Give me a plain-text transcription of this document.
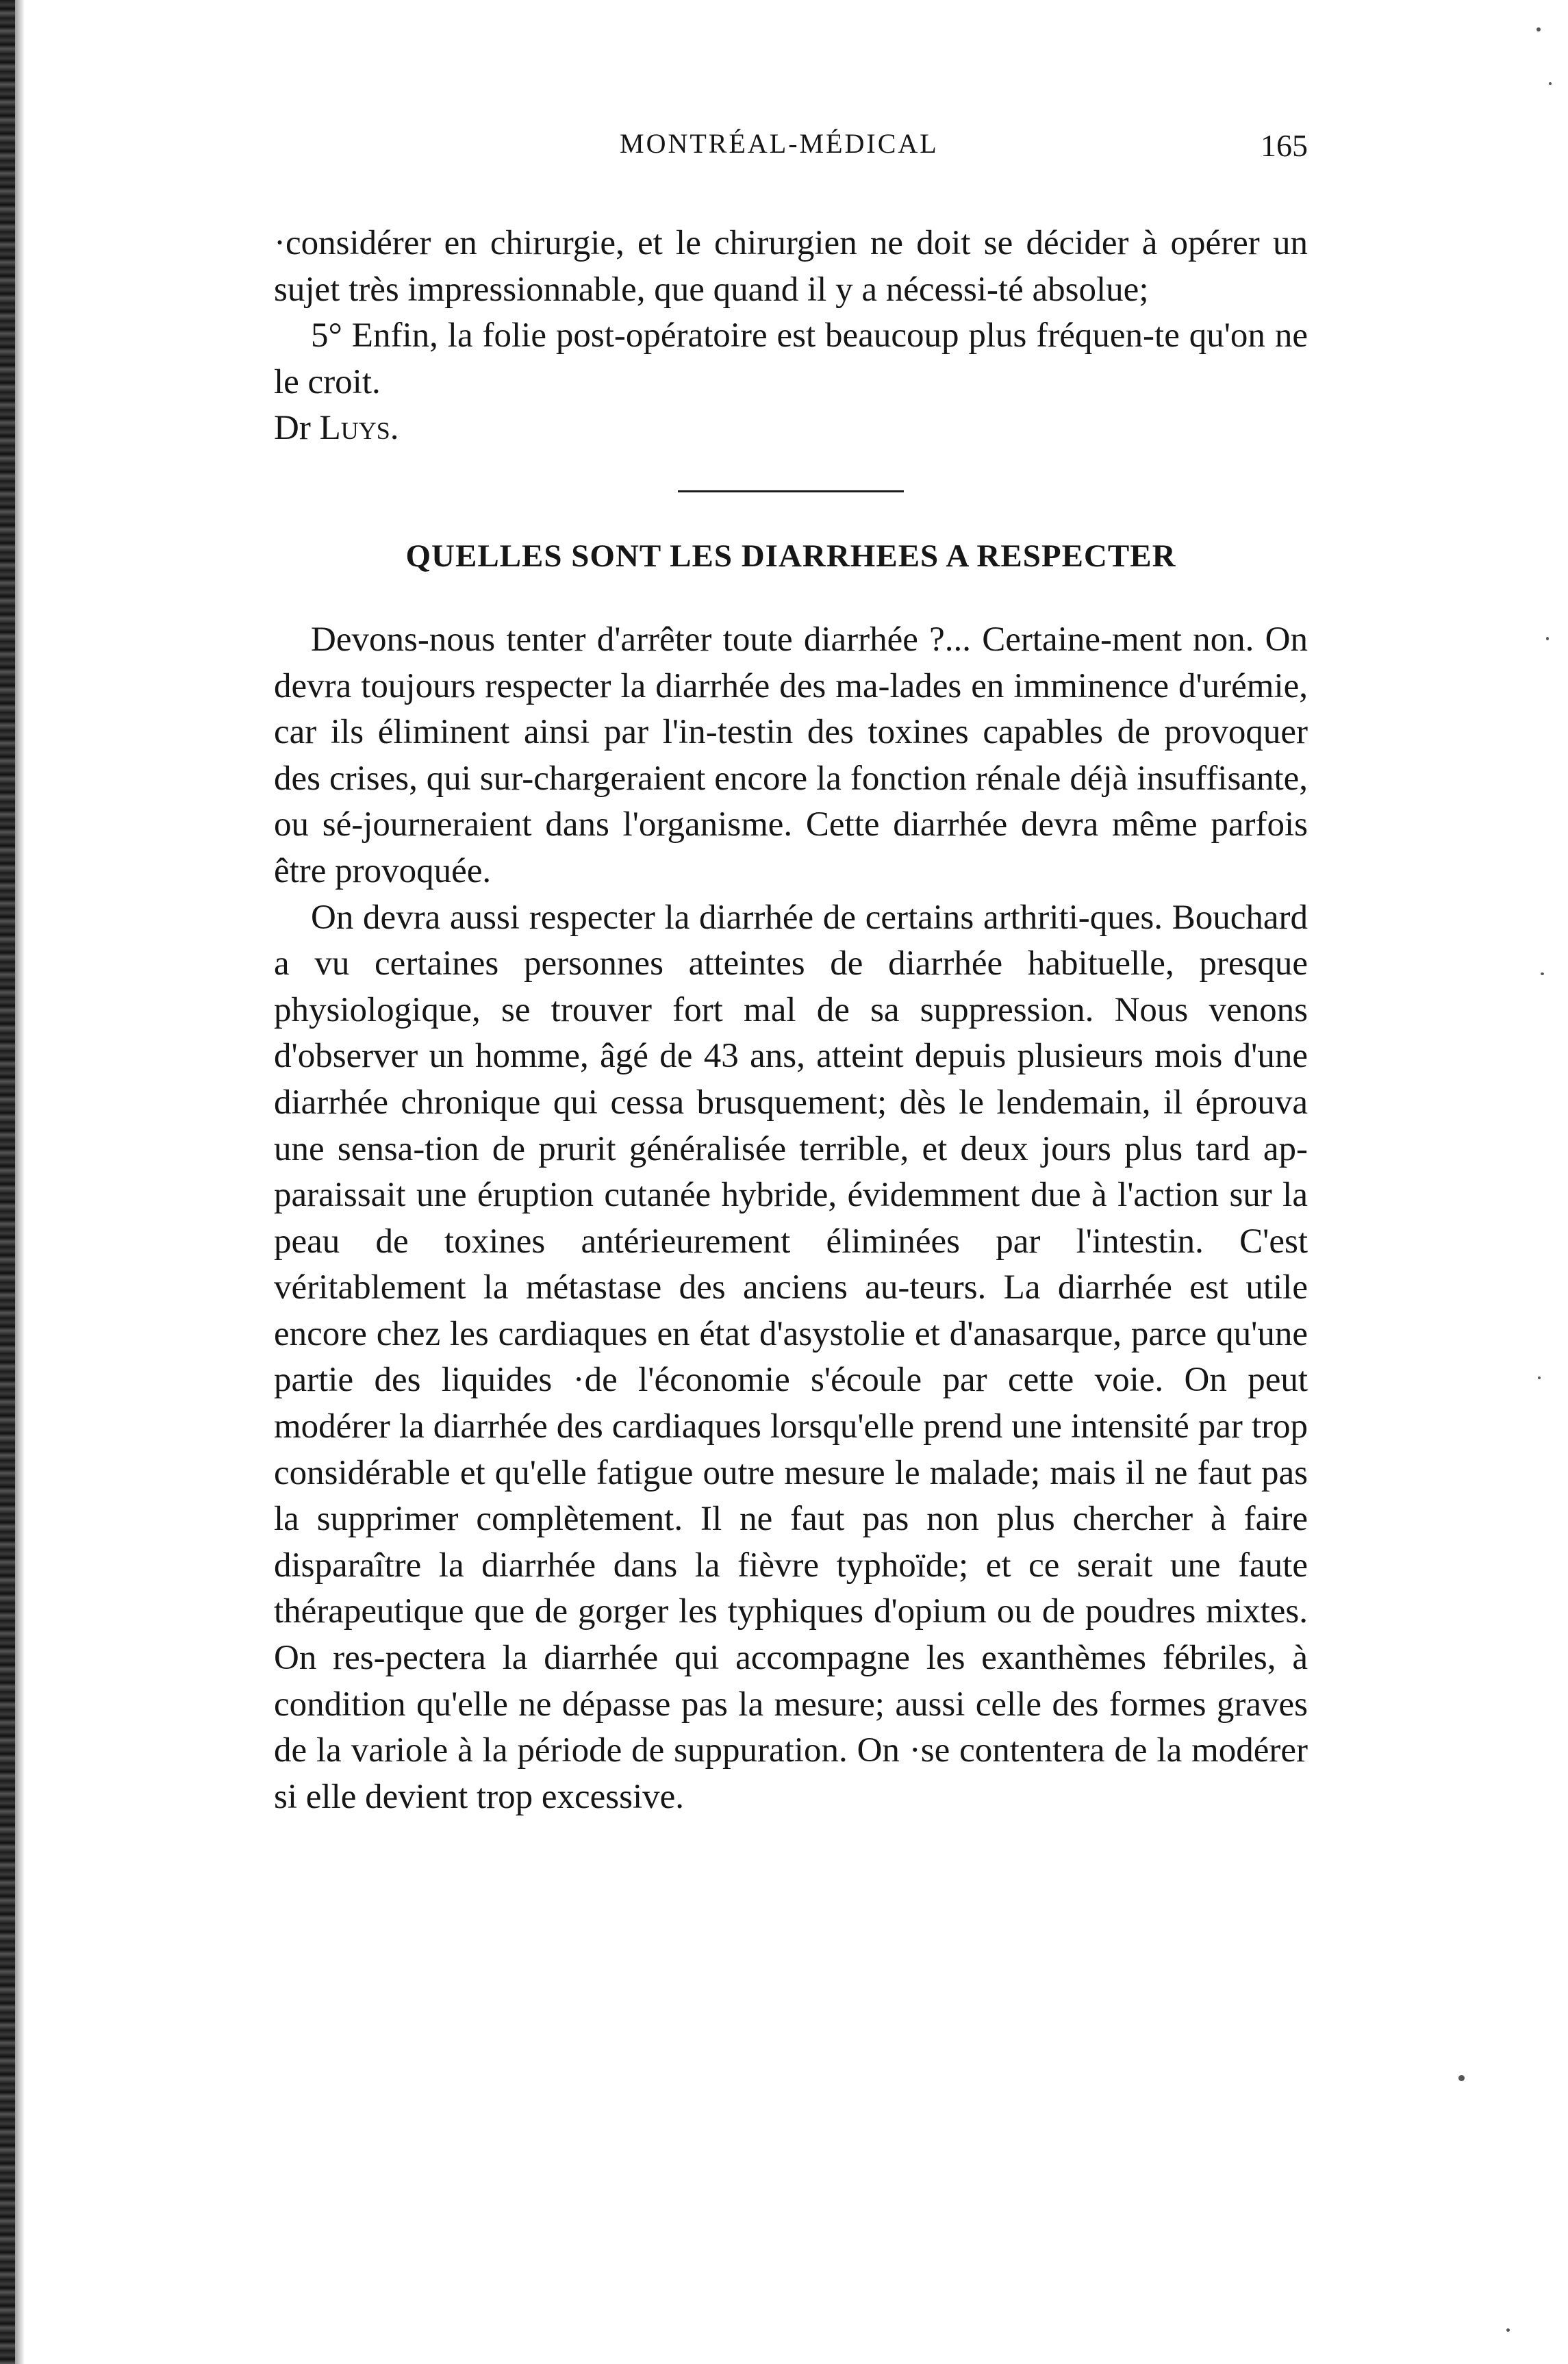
MONTRÉAL-MÉDICAL	165

·considérer en chirurgie, et le chirurgien ne doit se décider à opérer un sujet très impressionnable, que quand il y a nécessi-té absolue;

5° Enfin, la folie post-opératoire est beaucoup plus fréquen-te qu'on ne le croit.

Dr Luys.

QUELLES SONT LES DIARRHEES A RESPECTER

Devons-nous tenter d'arrêter toute diarrhée ?... Certaine-ment non. On devra toujours respecter la diarrhée des ma-lades en imminence d'urémie, car ils éliminent ainsi par l'in-testin des toxines capables de provoquer des crises, qui sur-chargeraient encore la fonction rénale déjà insuffisante, ou sé-journeraient dans l'organisme. Cette diarrhée devra même parfois être provoquée.

On devra aussi respecter la diarrhée de certains arthriti-ques. Bouchard a vu certaines personnes atteintes de diarrhée habituelle, presque physiologique, se trouver fort mal de sa suppression. Nous venons d'observer un homme, âgé de 43 ans, atteint depuis plusieurs mois d'une diarrhée chronique qui cessa brusquement; dès le lendemain, il éprouva une sensa-tion de prurit généralisée terrible, et deux jours plus tard ap-paraissait une éruption cutanée hybride, évidemment due à l'action sur la peau de toxines antérieurement éliminées par l'intestin. C'est véritablement la métastase des anciens au-teurs. La diarrhée est utile encore chez les cardiaques en état d'asystolie et d'anasarque, parce qu'une partie des liquides ·de l'économie s'écoule par cette voie. On peut modérer la diarrhée des cardiaques lorsqu'elle prend une intensité par trop considérable et qu'elle fatigue outre mesure le malade; mais il ne faut pas la supprimer complètement. Il ne faut pas non plus chercher à faire disparaître la diarrhée dans la fièvre typhoïde; et ce serait une faute thérapeutique que de gorger les typhiques d'opium ou de poudres mixtes. On res-pectera la diarrhée qui accompagne les exanthèmes fébriles, à condition qu'elle ne dépasse pas la mesure; aussi celle des formes graves de la variole à la période de suppuration. On ·se contentera de la modérer si elle devient trop excessive.
